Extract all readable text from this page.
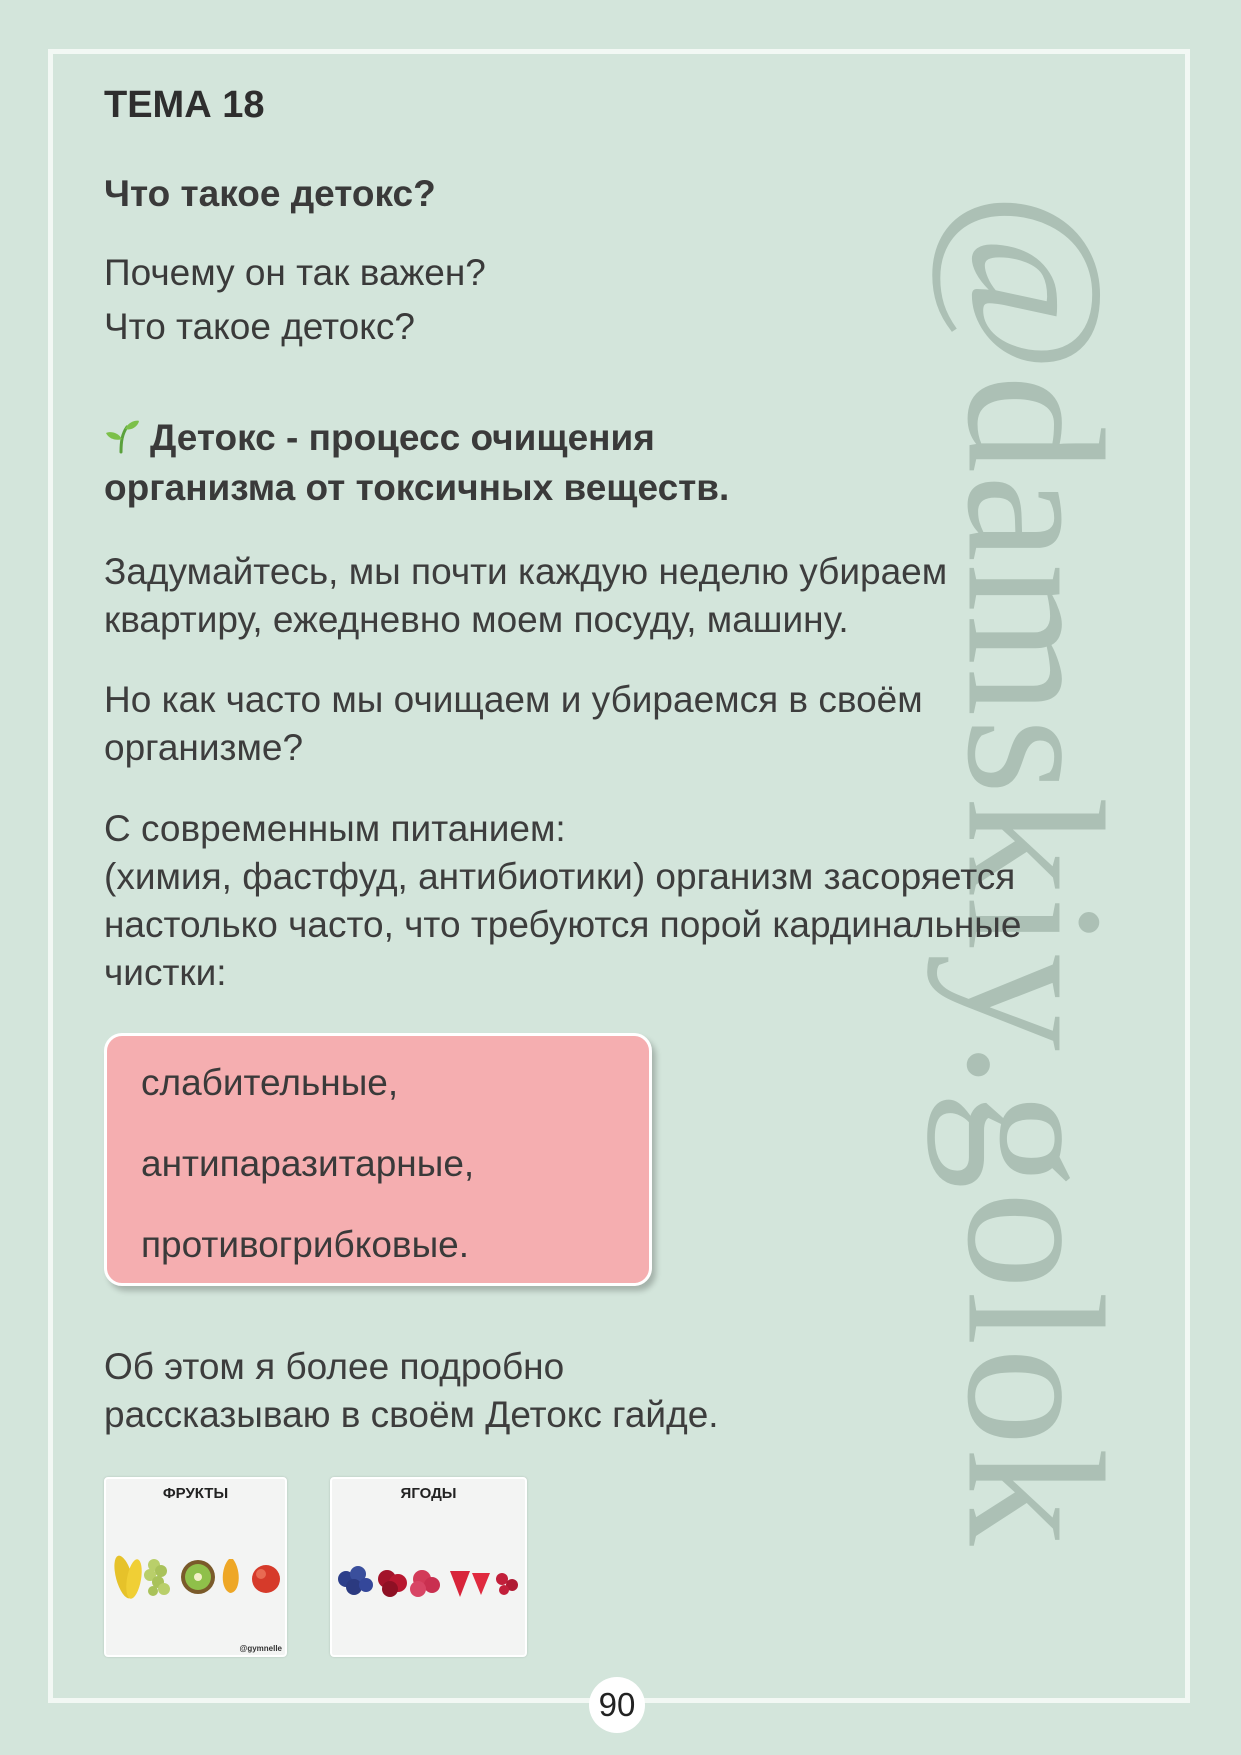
@damskiy.golok
ТЕМА 18
Что такое детокс?
Почему он так важен?
Что такое детокс?
Детокс - процесс очищения
организма от токсичных веществ.
Задумайтесь, мы почти каждую неделю убираем
квартиру, ежедневно моем посуду, машину.
Но как часто мы очищаем и убираемся в своём
организме?
С современным питанием:
(химия, фастфуд, антибиотики) организм засоряется
настолько часто, что требуются порой кардинальные
чистки:
слабительные,
антипаразитарные,
противогрибковые.
Об этом я более подробно
рассказываю в своём Детокс гайде.
ФРУКТЫ
@gymnelle
ЯГОДЫ
90
